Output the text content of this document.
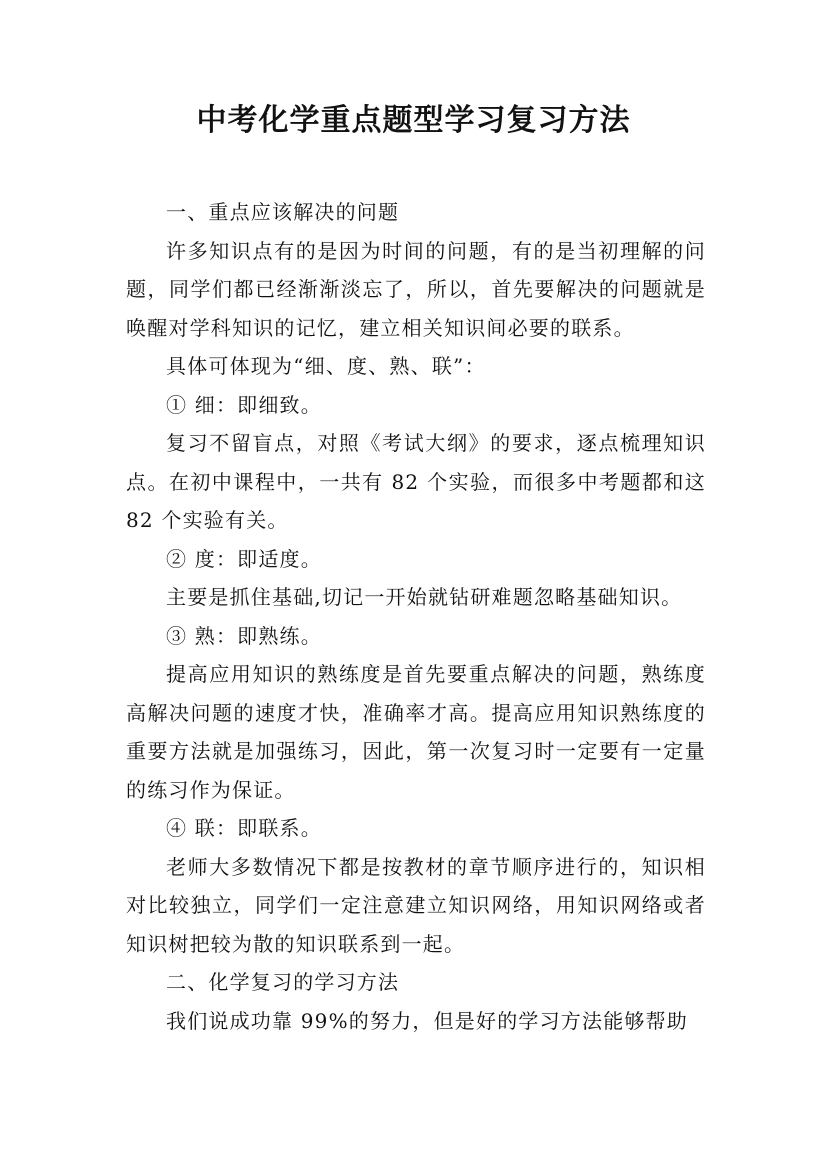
中考化学重点题型学习复习方法

一、重点应该解决的问题

许多知识点有的是因为时间的问题，有的是当初理解的问题，同学们都已经渐渐淡忘了，所以，首先要解决的问题就是唤醒对学科知识的记忆，建立相关知识间必要的联系。

具体可体现为“细、度、熟、联”：

① 细：即细致。

复习不留盲点，对照《考试大纲》的要求，逐点梳理知识点。在初中课程中，一共有 82 个实验，而很多中考题都和这 82 个实验有关。

② 度：即适度。

主要是抓住基础,切记一开始就钻研难题忽略基础知识。

③ 熟：即熟练。

提高应用知识的熟练度是首先要重点解决的问题，熟练度高解决问题的速度才快，准确率才高。提高应用知识熟练度的重要方法就是加强练习，因此，第一次复习时一定要有一定量的练习作为保证。

④ 联：即联系。

老师大多数情况下都是按教材的章节顺序进行的，知识相对比较独立，同学们一定注意建立知识网络，用知识网络或者知识树把较为散的知识联系到一起。

二、化学复习的学习方法

我们说成功靠 99%的努力，但是好的学习方法能够帮助
